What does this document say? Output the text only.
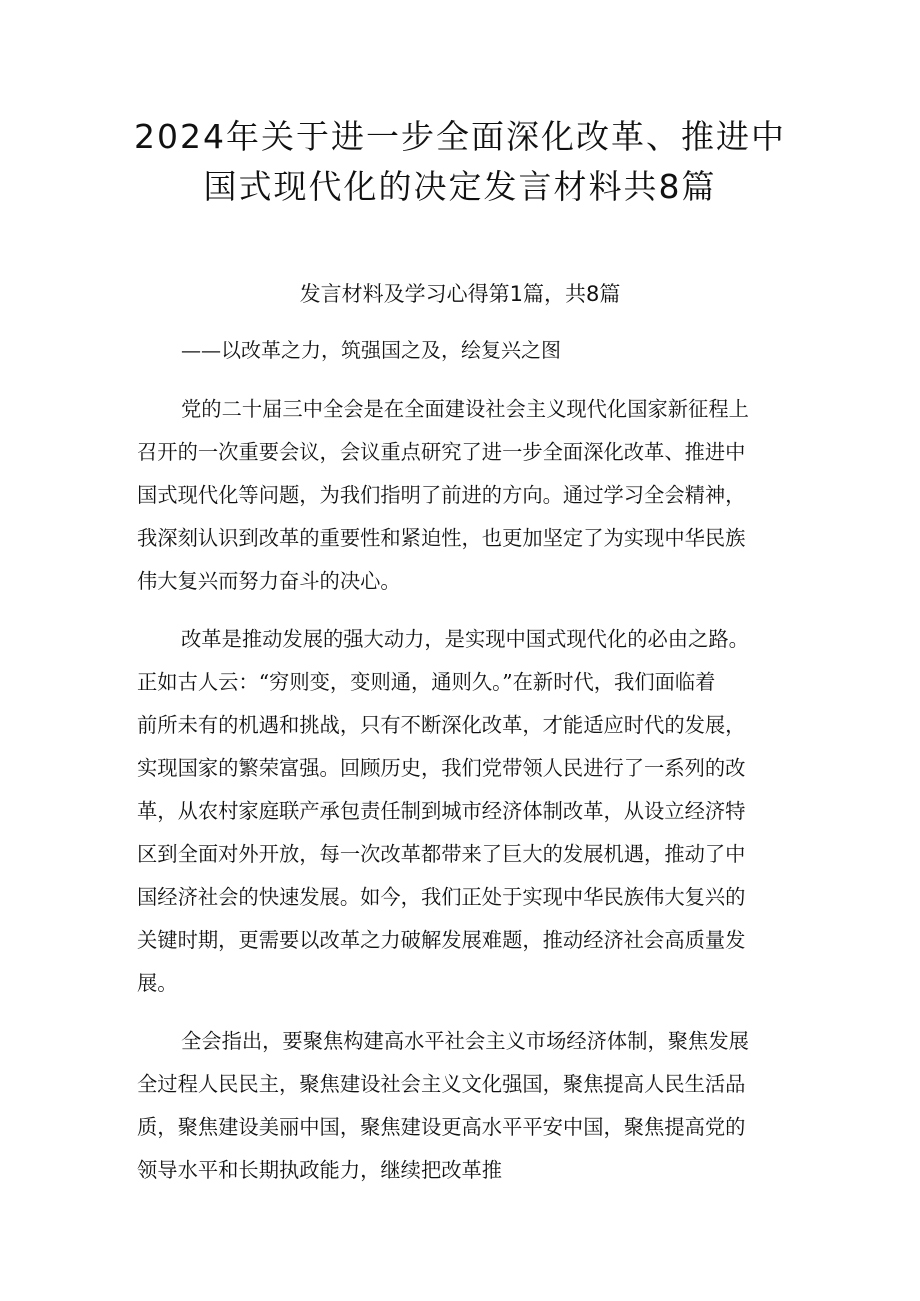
2024年关于进一步全面深化改革、推进中
国式现代化的决定发言材料共8篇
发言材料及学习心得第1篇，共8篇

——以改革之力，筑强国之及，绘复兴之图

党的二十届三中全会是在全面建设社会主义现代化国家新征程上

召开的一次重要会议，会议重点研究了进一步全面深化改革、推进中

国式现代化等问题，为我们指明了前进的方向。通过学习全会精神，

我深刻认识到改革的重要性和紧迫性，也更加坚定了为实现中华民族

伟大复兴而努力奋斗的决心。

改革是推动发展的强大动力，是实现中国式现代化的必由之路。

正如古人云：“穷则变，变则通，通则久。”在新时代，我们面临着

前所未有的机遇和挑战，只有不断深化改革，才能适应时代的发展，

实现国家的繁荣富强。回顾历史，我们党带领人民进行了一系列的改

革，从农村家庭联产承包责任制到城市经济体制改革，从设立经济特

区到全面对外开放，每一次改革都带来了巨大的发展机遇，推动了中

国经济社会的快速发展。如今，我们正处于实现中华民族伟大复兴的

关键时期，更需要以改革之力破解发展难题，推动经济社会高质量发

展。

全会指出，要聚焦构建高水平社会主义市场经济体制，聚焦发展

全过程人民民主，聚焦建设社会主义文化强国，聚焦提高人民生活品

质，聚焦建设美丽中国，聚焦建设更高水平平安中国，聚焦提高党的

领导水平和长期执政能力，继续把改革推
